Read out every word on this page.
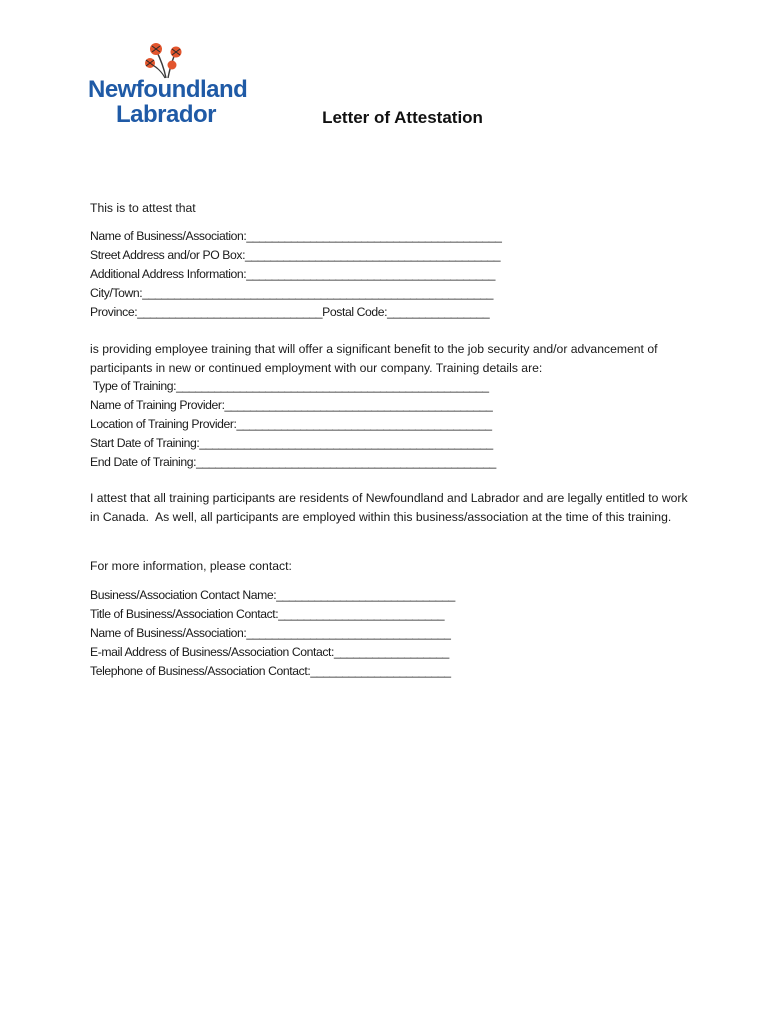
Newfoundland
Labrador	Letter of Attestation
This is to attest that
Name of Business/Association:________________________________________
Street Address and/or PO Box:________________________________________
Additional Address Information:_______________________________________
City/Town:_______________________________________________________
Province:_____________________________Postal Code:________________
is providing employee training that will offer a significant benefit to the job security and/or advancement of participants in new or continued employment with our company. Training details are:
Type of Training:_________________________________________________
Name of Training Provider:__________________________________________
Location of Training Provider:________________________________________
Start Date of Training:______________________________________________
End Date of Training:_______________________________________________
I attest that all training participants are residents of Newfoundland and Labrador and are legally entitled to work in Canada.  As well, all participants are employed within this business/association at the time of this training.
For more information, please contact:
Business/Association Contact Name:____________________________
Title of Business/Association Contact:__________________________
Name of Business/Association:________________________________
E-mail Address of Business/Association Contact:__________________
Telephone of Business/Association Contact:______________________
